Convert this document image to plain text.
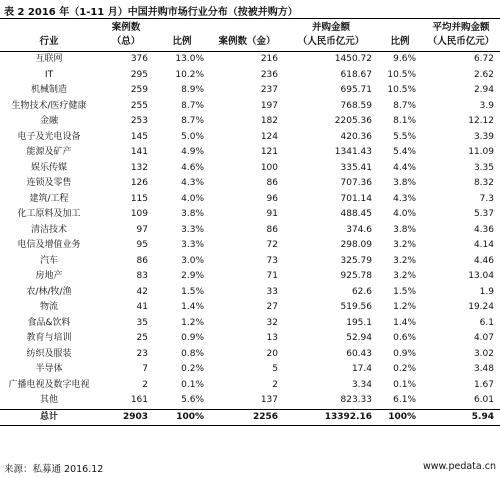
表 2 2016 年（1-11 月）中国并购市场行业分布（按被并购方）
	案例数			并购金额		平均并购金额
行业	（总）	比例	案例数（金）	（人民币亿元）	比例	（人民币亿元）
互联网	376	13.0%	216	1450.72	9.6%	6.72
IT	295	10.2%	236	618.67	10.5%	2.62
机械制造	259	8.9%	237	695.71	10.5%	2.94
生物技术/医疗健康	255	8.7%	197	768.59	8.7%	3.9
金融	253	8.7%	182	2205.36	8.1%	12.12
电子及光电设备	145	5.0%	124	420.36	5.5%	3.39
能源及矿产	141	4.9%	121	1341.43	5.4%	11.09
娱乐传媒	132	4.6%	100	335.41	4.4%	3.35
连锁及零售	126	4.3%	86	707.36	3.8%	8.32
建筑/工程	115	4.0%	96	701.14	4.3%	7.3
化工原料及加工	109	3.8%	91	488.45	4.0%	5.37
清洁技术	97	3.3%	86	374.6	3.8%	4.36
电信及增值业务	95	3.3%	72	298.09	3.2%	4.14
汽车	86	3.0%	73	325.79	3.2%	4.46
房地产	83	2.9%	71	925.78	3.2%	13.04
农/林/牧/渔	42	1.5%	33	62.6	1.5%	1.9
物流	41	1.4%	27	519.56	1.2%	19.24
食品&饮料	35	1.2%	32	195.1	1.4%	6.1
教育与培训	25	0.9%	13	52.94	0.6%	4.07
纺织及服装	23	0.8%	20	60.43	0.9%	3.02
半导体	7	0.2%	5	17.4	0.2%	3.48
广播电视及数字电视	2	0.1%	2	3.34	0.1%	1.67
其他	161	5.6%	137	823.33	6.1%	6.01
总计	2903	100%	2256	13392.16	100%	5.94
来源：私募通 2016.12	www.pedata.cn
